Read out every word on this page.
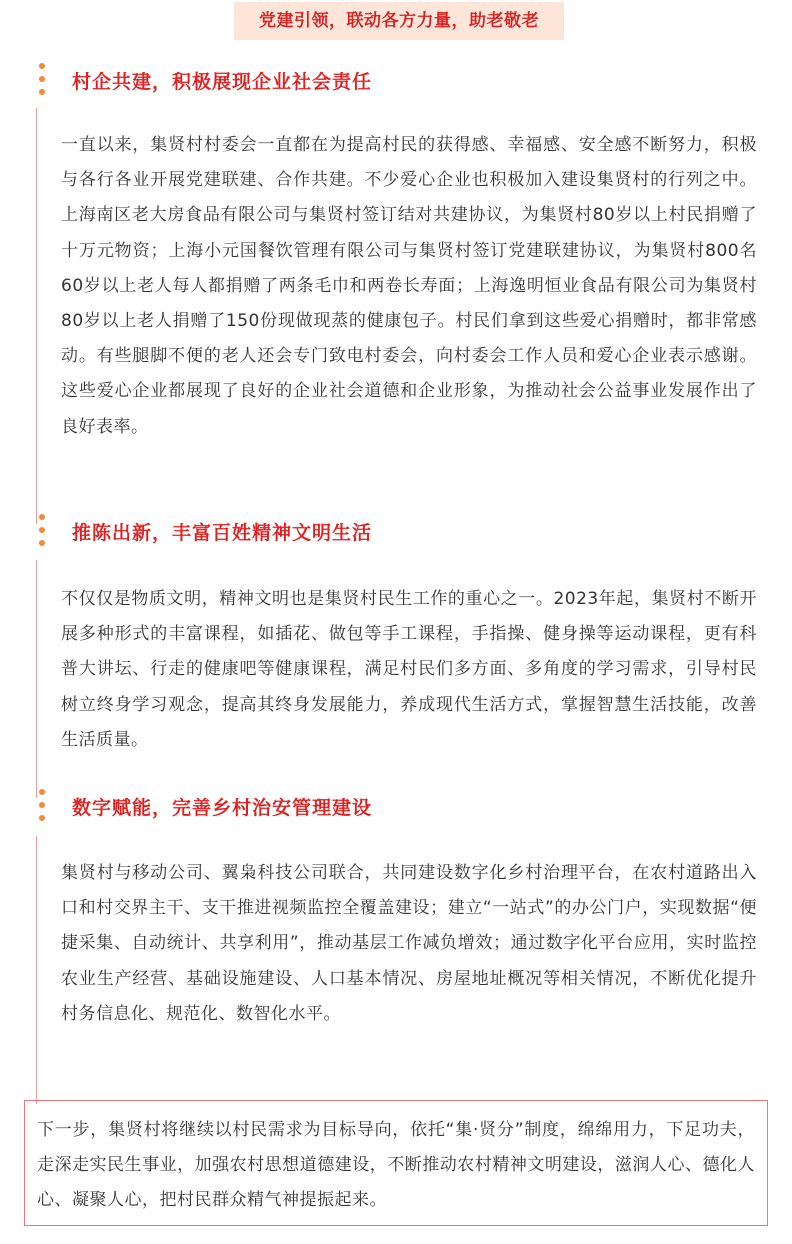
党建引领，联动各方力量，助老敬老
村企共建，积极展现企业社会责任

一直以来，集贤村村委会一直都在为提高村民的获得感、幸福感、安全感不断努力，积极与各行各业开展党建联建、合作共建。不少爱心企业也积极加入建设集贤村的行列之中。上海南区老大房食品有限公司与集贤村签订结对共建协议，为集贤村80岁以上村民捐赠了十万元物资；上海小元国餐饮管理有限公司与集贤村签订党建联建协议，为集贤村800名60岁以上老人每人都捐赠了两条毛巾和两卷长寿面；上海逸明恒业食品有限公司为集贤村80岁以上老人捐赠了150份现做现蒸的健康包子。村民们拿到这些爱心捐赠时，都非常感动。有些腿脚不便的老人还会专门致电村委会，向村委会工作人员和爱心企业表示感谢。这些爱心企业都展现了良好的企业社会道德和企业形象，为推动社会公益事业发展作出了良好表率。

推陈出新，丰富百姓精神文明生活

不仅仅是物质文明，精神文明也是集贤村民生工作的重心之一。2023年起，集贤村不断开展多种形式的丰富课程，如插花、做包等手工课程，手指操、健身操等运动课程，更有科普大讲坛、行走的健康吧等健康课程，满足村民们多方面、多角度的学习需求，引导村民树立终身学习观念，提高其终身发展能力，养成现代生活方式，掌握智慧生活技能，改善生活质量。

数字赋能，完善乡村治安管理建设

集贤村与移动公司、翼枭科技公司联合，共同建设数字化乡村治理平台，在农村道路出入口和村交界主干、支干推进视频监控全覆盖建设；建立“一站式”的办公门户，实现数据“便捷采集、自动统计、共享利用”，推动基层工作减负增效；通过数字化平台应用，实时监控农业生产经营、基础设施建设、人口基本情况、房屋地址概况等相关情况，不断优化提升村务信息化、规范化、数智化水平。

下一步，集贤村将继续以村民需求为目标导向，依托“集·贤分”制度，绵绵用力，下足功夫，走深走实民生事业，加强农村思想道德建设，不断推动农村精神文明建设，滋润人心、德化人心、凝聚人心，把村民群众精气神提振起来。
